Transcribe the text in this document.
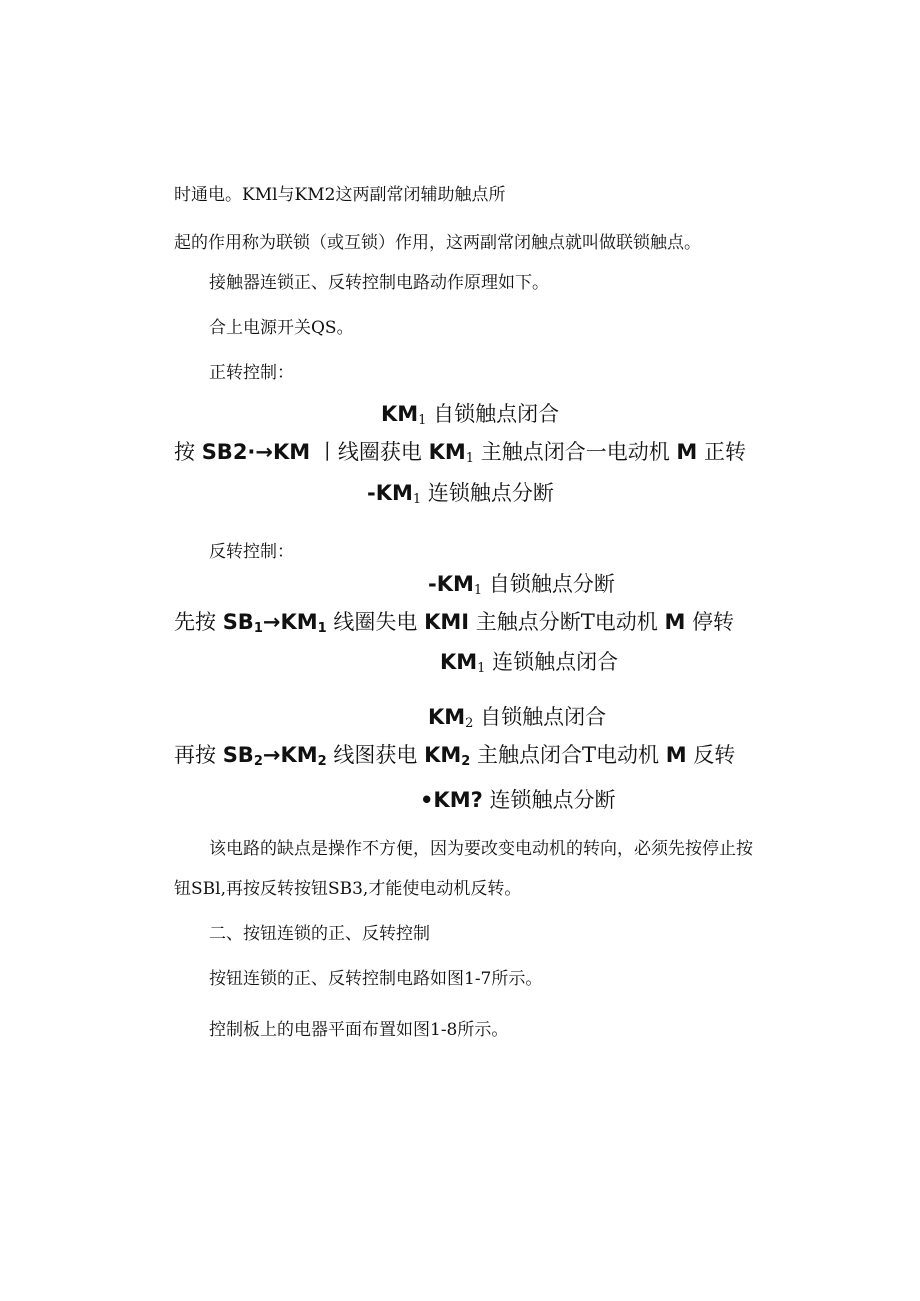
时通电。KMl与KM2这两副常闭辅助触点所
起的作用称为联锁（或互锁）作用，这两副常闭触点就叫做联锁触点。
接触器连锁正、反转控制电路动作原理如下。
合上电源开关QS。
正转控制：
$KM_1$ 自锁触点闭合
按 SB2·→KM 丨线圈获电 $KM_1$ 主触点闭合一电动机 M 正转
$-KM_1$ 连锁触点分断
反转控制：
$-KM_1$ 自锁触点分断
先按 $SB_1\to KM_1$ 线圈失电 KMI 主触点分断T电动机 M 停转
$KM_1$ 连锁触点闭合
$KM_2$ 自锁触点闭合
再按 $SB_2\to KM_2$ 线图获电 $KM_2$ 主触点闭合T电动机 M 反转
•KM? 连锁触点分断
该电路的缺点是操作不方便，因为要改变电动机的转向，必须先按停止按
钮SBl,再按反转按钮SB3,才能使电动机反转。
二、按钮连锁的正、反转控制
按钮连锁的正、反转控制电路如图1-7所示。
控制板上的电器平面布置如图1-8所示。
